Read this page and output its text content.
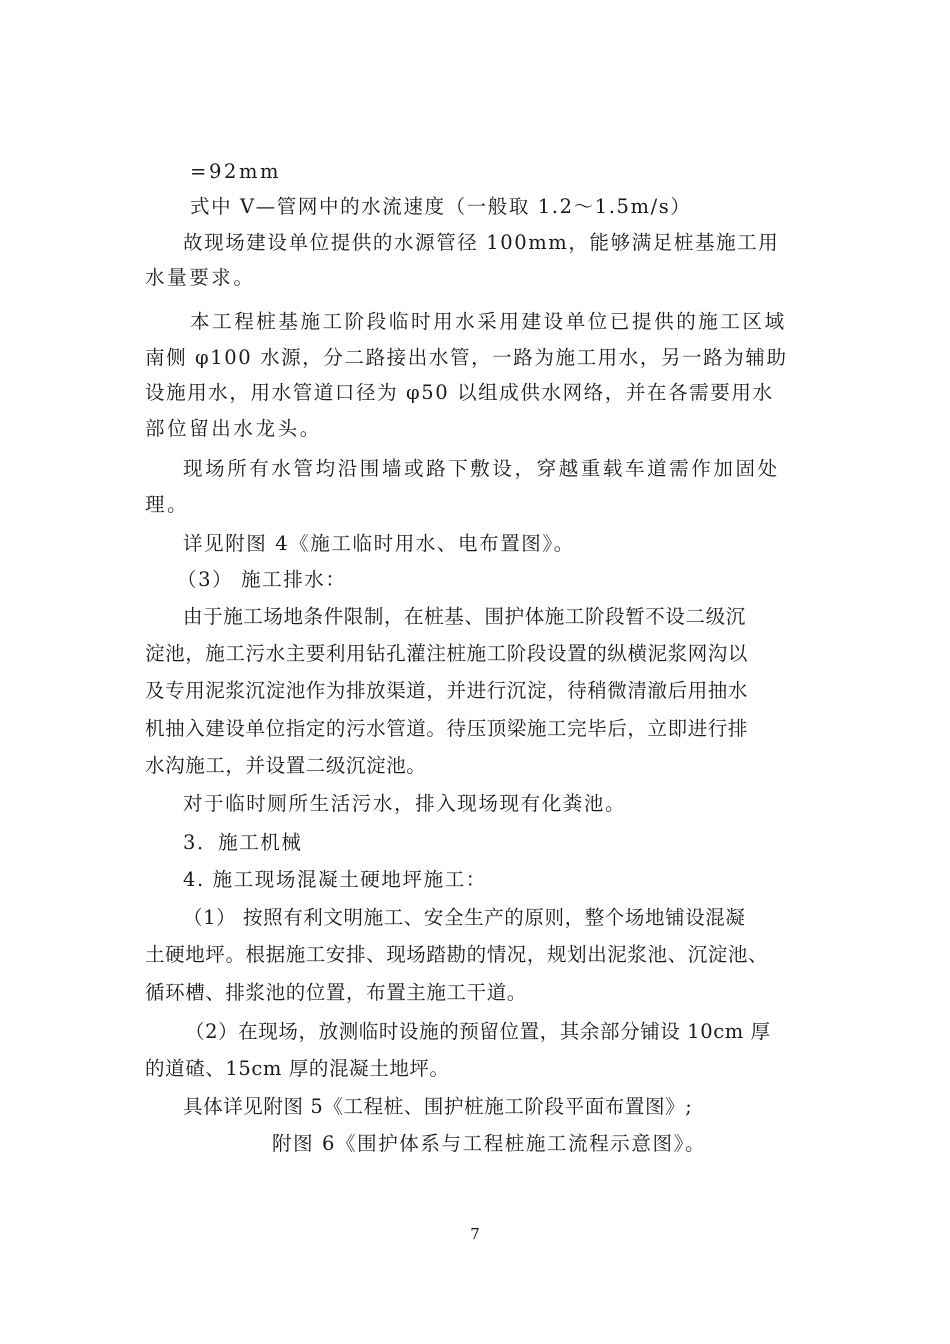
=92mm
式中 V—管网中的水流速度（一般取 1.2～1.5m/s）
故现场建设单位提供的水源管径 100mm，能够满足桩基施工用
水量要求。
本工程桩基施工阶段临时用水采用建设单位已提供的施工区域
南侧 φ100 水源，分二路接出水管，一路为施工用水，另一路为辅助
设施用水，用水管道口径为 φ50 以组成供水网络，并在各需要用水
部位留出水龙头。
现场所有水管均沿围墙或路下敷设，穿越重载车道需作加固处
理。
详见附图 4《施工临时用水、电布置图》。
（3） 施工排水：
由于施工场地条件限制，在桩基、围护体施工阶段暂不设二级沉
淀池，施工污水主要利用钻孔灌注桩施工阶段设置的纵横泥浆网沟以
及专用泥浆沉淀池作为排放渠道，并进行沉淀，待稍微清澈后用抽水
机抽入建设单位指定的污水管道。待压顶梁施工完毕后，立即进行排
水沟施工，并设置二级沉淀池。
对于临时厕所生活污水，排入现场现有化粪池。
3．施工机械
4. 施工现场混凝土硬地坪施工：
（1） 按照有利文明施工、安全生产的原则，整个场地铺设混凝
土硬地坪。根据施工安排、现场踏勘的情况，规划出泥浆池、沉淀池、
循环槽、排浆池的位置，布置主施工干道。
（2）在现场，放测临时设施的预留位置，其余部分铺设 10cm 厚
的道碴、15cm 厚的混凝土地坪。
具体详见附图 5《工程桩、围护桩施工阶段平面布置图》;
附图 6《围护体系与工程桩施工流程示意图》。
7
